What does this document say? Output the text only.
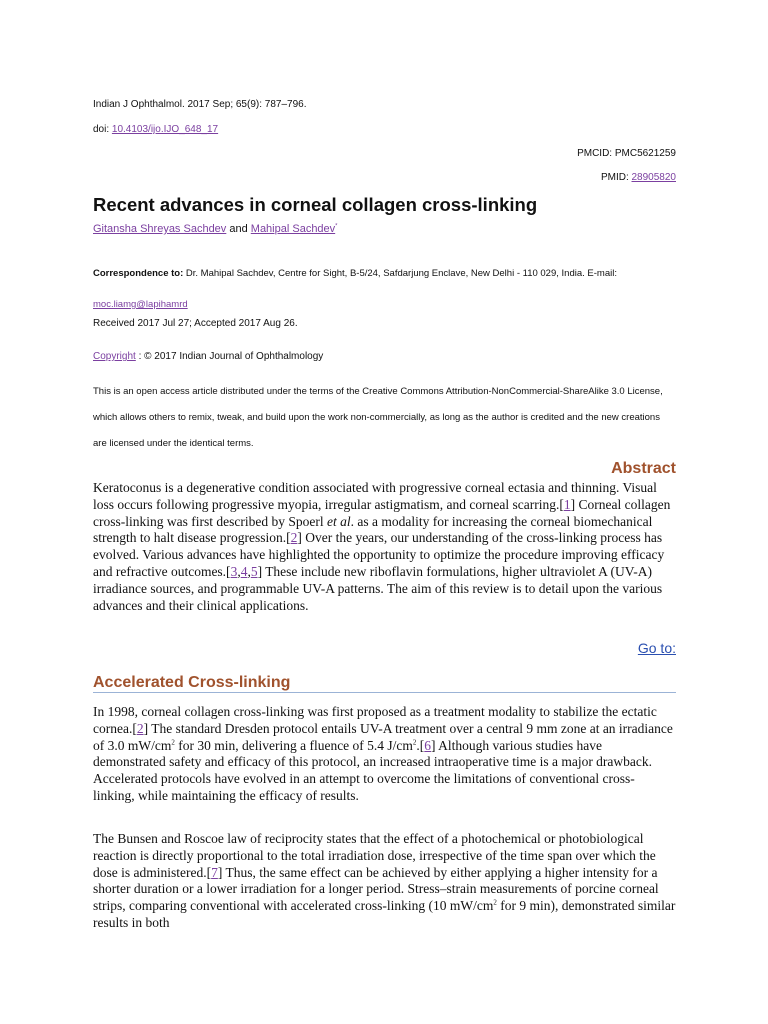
Indian J Ophthalmol. 2017 Sep; 65(9): 787–796.
doi: 10.4103/ijo.IJO_648_17
PMCID: PMC5621259
PMID: 28905820
Recent advances in corneal collagen cross-linking
Gitansha Shreyas Sachdev and Mahipal Sachdev*
Correspondence to: Dr. Mahipal Sachdev, Centre for Sight, B-5/24, Safdarjung Enclave, New Delhi - 110 029, India. E-mail: moc.liamg@lapihamrd
Received 2017 Jul 27; Accepted 2017 Aug 26.
Copyright : © 2017 Indian Journal of Ophthalmology
This is an open access article distributed under the terms of the Creative Commons Attribution-NonCommercial-ShareAlike 3.0 License, which allows others to remix, tweak, and build upon the work non-commercially, as long as the author is credited and the new creations are licensed under the identical terms.
Abstract

Keratoconus is a degenerative condition associated with progressive corneal ectasia and thinning. Visual loss occurs following progressive myopia, irregular astigmatism, and corneal scarring.[1] Corneal collagen cross-linking was first described by Spoerl et al. as a modality for increasing the corneal biomechanical strength to halt disease progression.[2] Over the years, our understanding of the cross-linking process has evolved. Various advances have highlighted the opportunity to optimize the procedure improving efficacy and refractive outcomes.[3,4,5] These include new riboflavin formulations, higher ultraviolet A (UV-A) irradiance sources, and programmable UV-A patterns. The aim of this review is to detail upon the various advances and their clinical applications.

Go to:
Accelerated Cross-linking

In 1998, corneal collagen cross-linking was first proposed as a treatment modality to stabilize the ectatic cornea.[2] The standard Dresden protocol entails UV-A treatment over a central 9 mm zone at an irradiance of 3.0 $mW/cm^2$ for 30 min, delivering a fluence of 5.4 $J/cm^2.[6]$ Although various studies have demonstrated safety and efficacy of this protocol, an increased intraoperative time is a major drawback. Accelerated protocols have evolved in an attempt to overcome the limitations of conventional cross-linking, while maintaining the efficacy of results.

The Bunsen and Roscoe law of reciprocity states that the effect of a photochemical or photobiological reaction is directly proportional to the total irradiation dose, irrespective of the time span over which the dose is administered.[7] Thus, the same effect can be achieved by either applying a higher intensity for a shorter duration or a lower irradiation for a longer period. Stress–strain measurements of porcine corneal strips, comparing conventional with accelerated cross-linking (10 $mW/cm^2$ for 9 min), demonstrated similar results in both
